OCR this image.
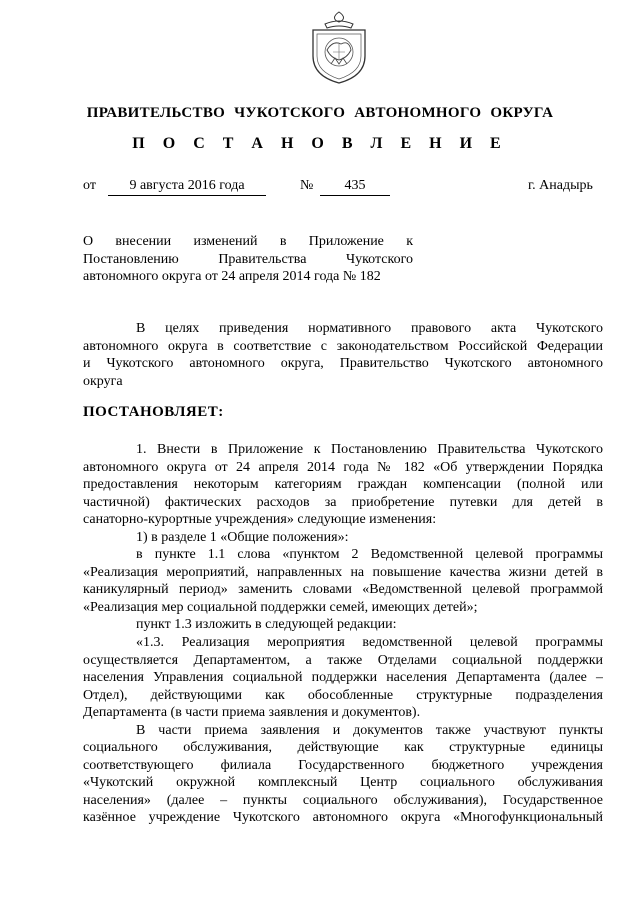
ПРАВИТЕЛЬСТВО ЧУКОТСКОГО АВТОНОМНОГО ОКРУГА
П О С Т А Н О В Л Е Н И Е
от	9 августа 2016 года	№	435	г. Анадырь
О внесении изменений в Приложение к
Постановлению Правительства Чукотского
автономного округа от 24 апреля 2014 года № 182
В целях приведения нормативного правового акта Чукотского
автономного округа в соответствие с законодательством Российской Федерации
и Чукотского автономного округа, Правительство Чукотского автономного
округа
ПОСТАНОВЛЯЕТ:
1. Внести в Приложение к Постановлению Правительства Чукотского
автономного округа от 24 апреля 2014 года № 182 «Об утверждении Порядка
предоставления некоторым категориям граждан компенсации (полной или
частичной) фактических расходов за приобретение путевки для детей в
санаторно-курортные учреждения» следующие изменения:
1) в разделе 1 «Общие положения»:
в пункте 1.1 слова «пунктом 2 Ведомственной целевой программы
«Реализация мероприятий, направленных на повышение качества жизни детей в
каникулярный период» заменить словами «Ведомственной целевой программой
«Реализация мер социальной поддержки семей, имеющих детей»;
пункт 1.3 изложить в следующей редакции:
«1.3. Реализация мероприятия ведомственной целевой программы
осуществляется Департаментом, а также Отделами социальной поддержки
населения Управления социальной поддержки населения Департамента (далее –
Отдел), действующими как обособленные структурные подразделения
Департамента (в части приема заявления и документов).
В части приема заявления и документов также участвуют пункты
социального обслуживания, действующие как структурные единицы
соответствующего филиала Государственного бюджетного учреждения
«Чукотский окружной комплексный Центр социального обслуживания
населения» (далее – пункты социального обслуживания), Государственное
казённое учреждение Чукотского автономного округа «Многофункциональный
